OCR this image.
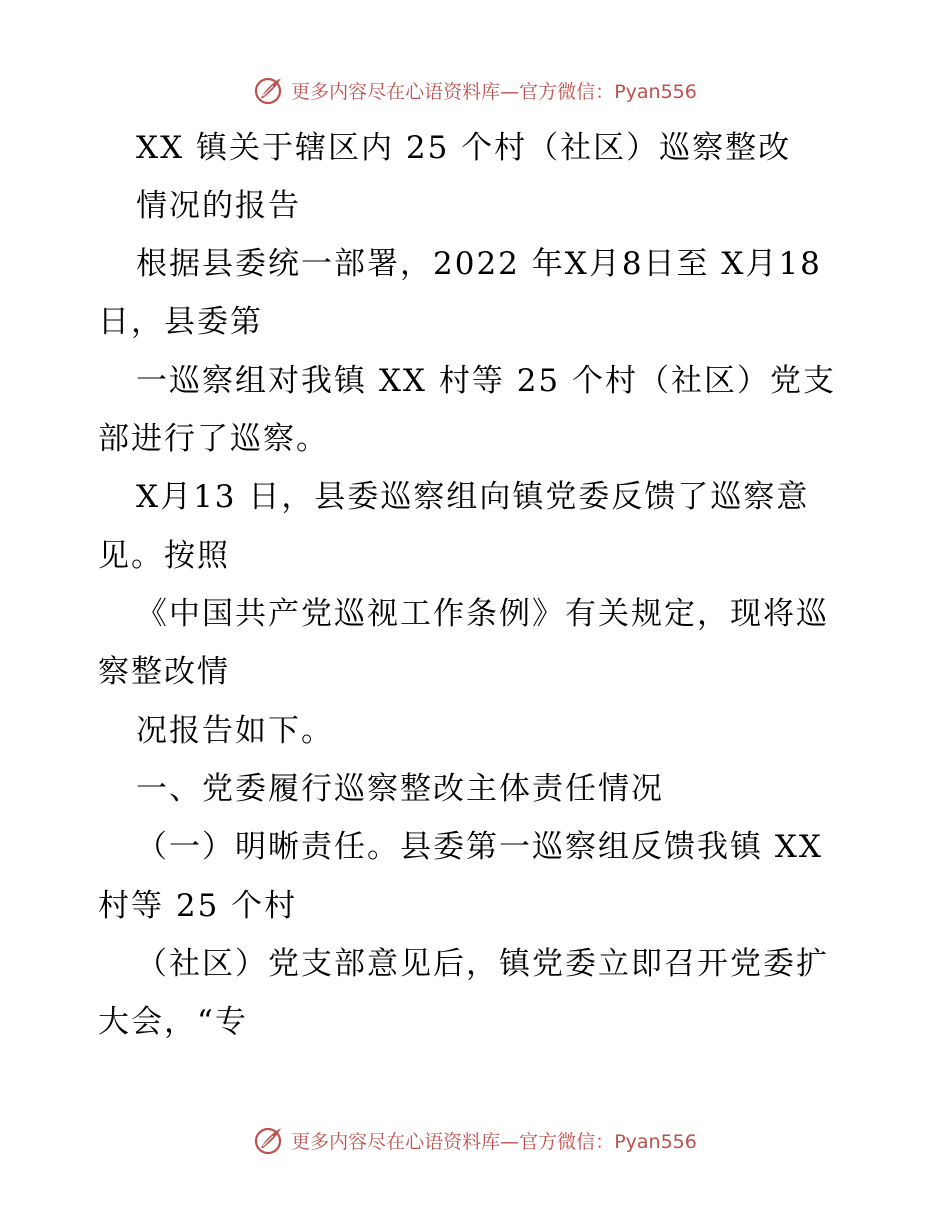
更多内容尽在心语资料库—官方微信：Pyan556
XX 镇关于辖区内 25 个村（社区）巡察整改
情况的报告
根据县委统一部署，2022 年X月8日至 X月18
日，县委第
一巡察组对我镇 XX 村等 25 个村（社区）党支
部进行了巡察。
X月13 日，县委巡察组向镇党委反馈了巡察意
见。按照
《中国共产党巡视工作条例》有关规定，现将巡
察整改情
况报告如下。
一、党委履行巡察整改主体责任情况
（一）明晰责任。县委第一巡察组反馈我镇 XX
村等 25 个村
（社区）党支部意见后，镇党委立即召开党委扩
大会，“专
更多内容尽在心语资料库—官方微信：Pyan556
